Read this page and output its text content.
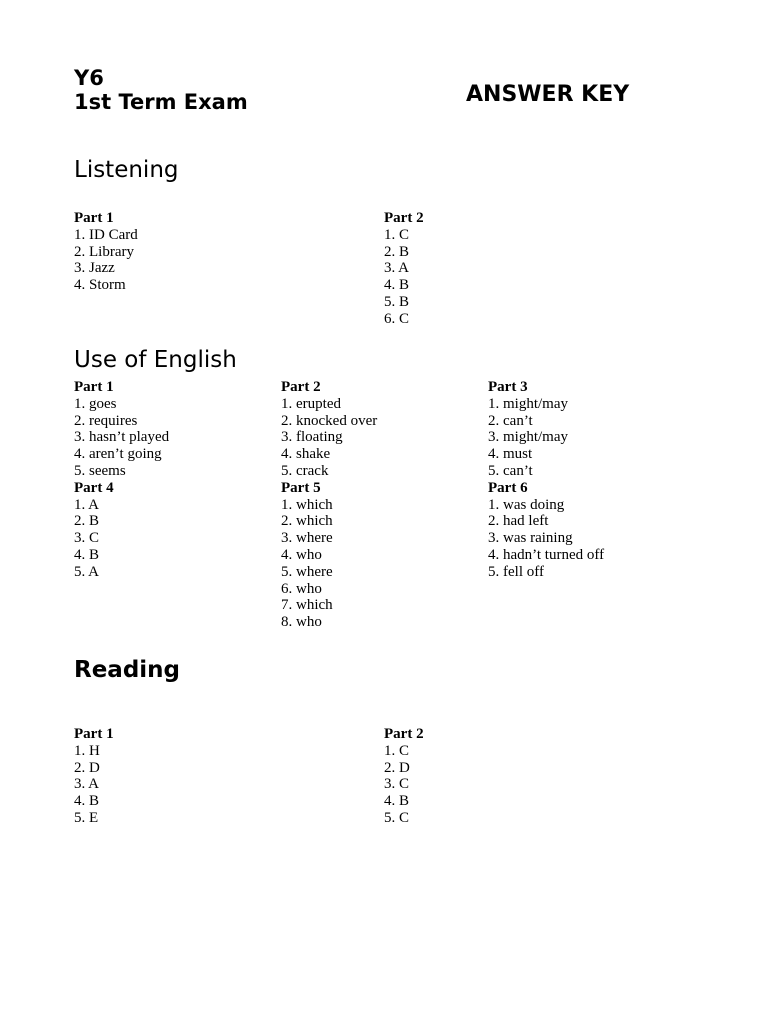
Y6
1st Term Exam	ANSWER KEY
Listening
Part 1
1. ID Card
2. Library
3. Jazz
4. Storm
Part 2
1. C
2. B
3. A
4. B
5. B
6. C
Use of English
Part 1
1. goes
2. requires
3. hasn’t played
4. aren’t going
5. seems
Part 4
1. A
2. B
3. C
4. B
5. A
Part 2
1. erupted
2. knocked over
3. floating
4. shake
5. crack
Part 5
1. which
2. which
3. where
4. who
5. where
6. who
7. which
8. who
Part 3
1. might/may
2. can’t
3. might/may
4. must
5. can’t
Part 6
1. was doing
2. had left
3. was raining
4. hadn’t turned off
5. fell off
Reading
Part 1
1. H
2. D
3. A
4. B
5. E
Part 2
1. C
2. D
3. C
4. B
5. C
